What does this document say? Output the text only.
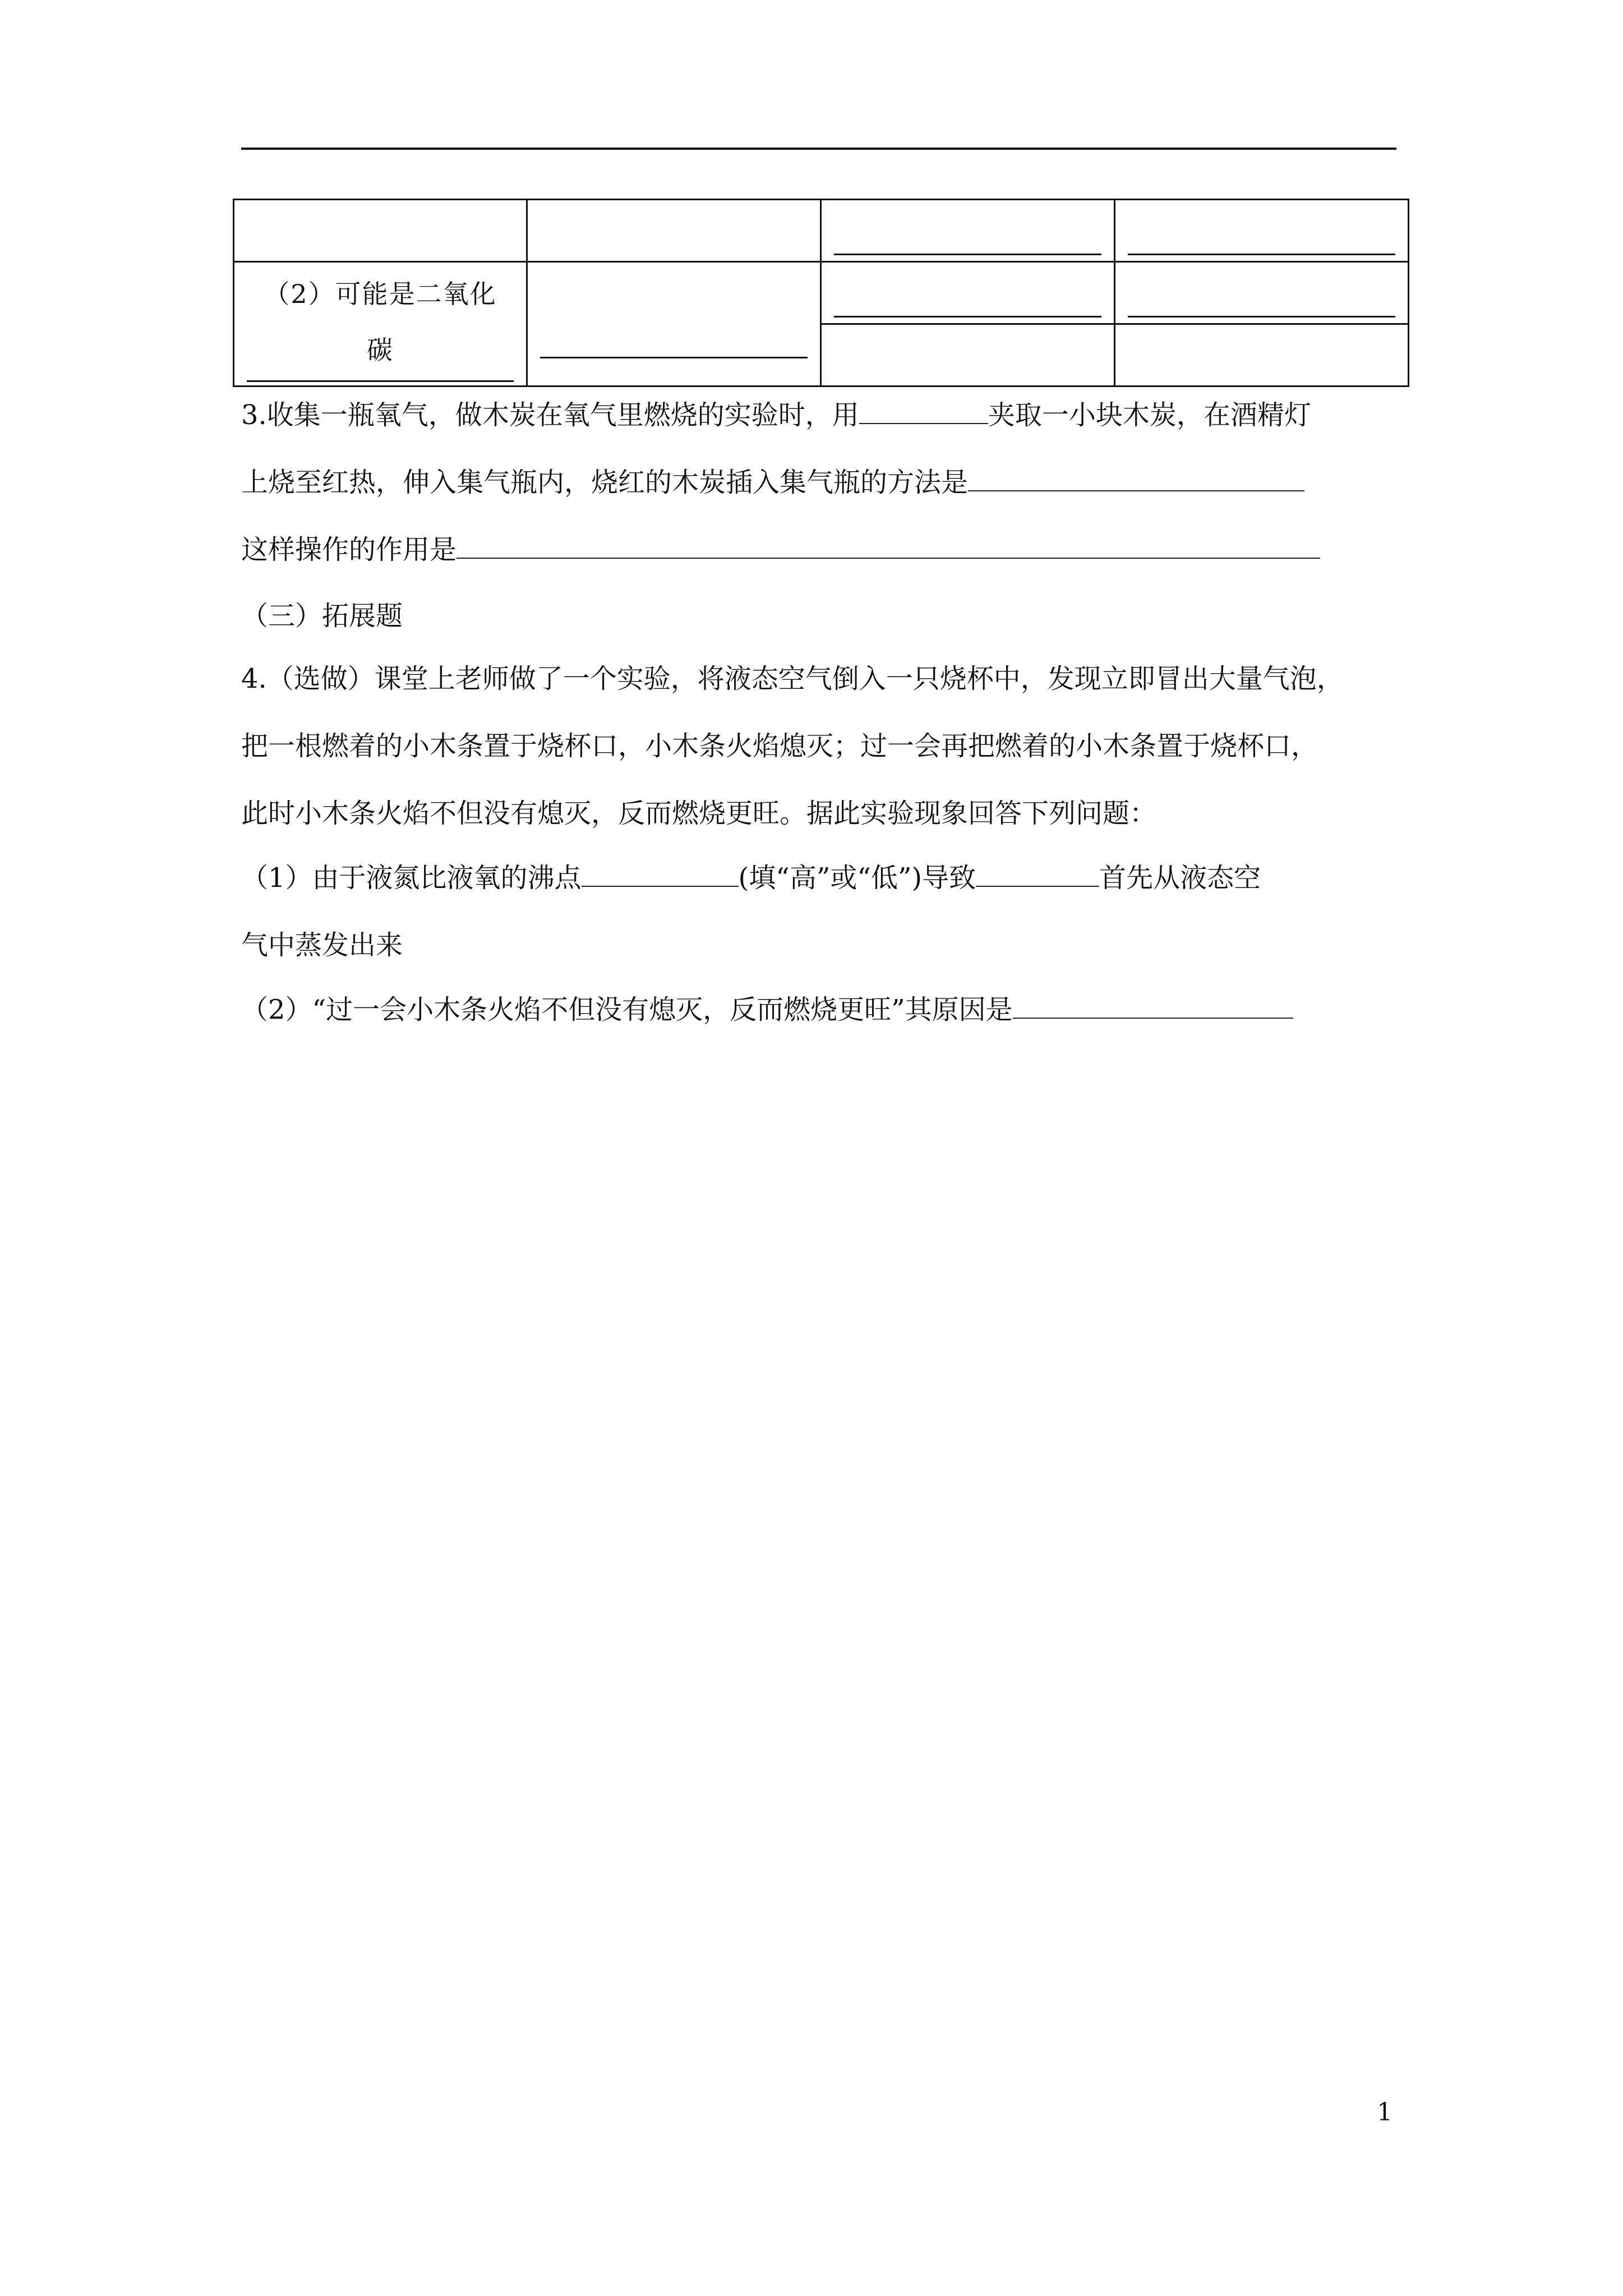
（2）可能是二氧化
碳			

3.收集一瓶氧气，做木炭在氧气里燃烧的实验时，用	夹取一小块木炭，在酒精灯
上烧至红热，伸入集气瓶内，烧红的木炭插入集气瓶的方法是
这样操作的作用是
（三）拓展题
4.（选做）课堂上老师做了一个实验，将液态空气倒入一只烧杯中，发现立即冒出大量气泡，
把一根燃着的小木条置于烧杯口，小木条火焰熄灭；过一会再把燃着的小木条置于烧杯口，
此时小木条火焰不但没有熄灭，反而燃烧更旺。据此实验现象回答下列问题：
（1）由于液氮比液氧的沸点	(填“高”或“低”)导致	首先从液态空
气中蒸发出来
（2）“过一会小木条火焰不但没有熄灭，反而燃烧更旺”其原因是
1
